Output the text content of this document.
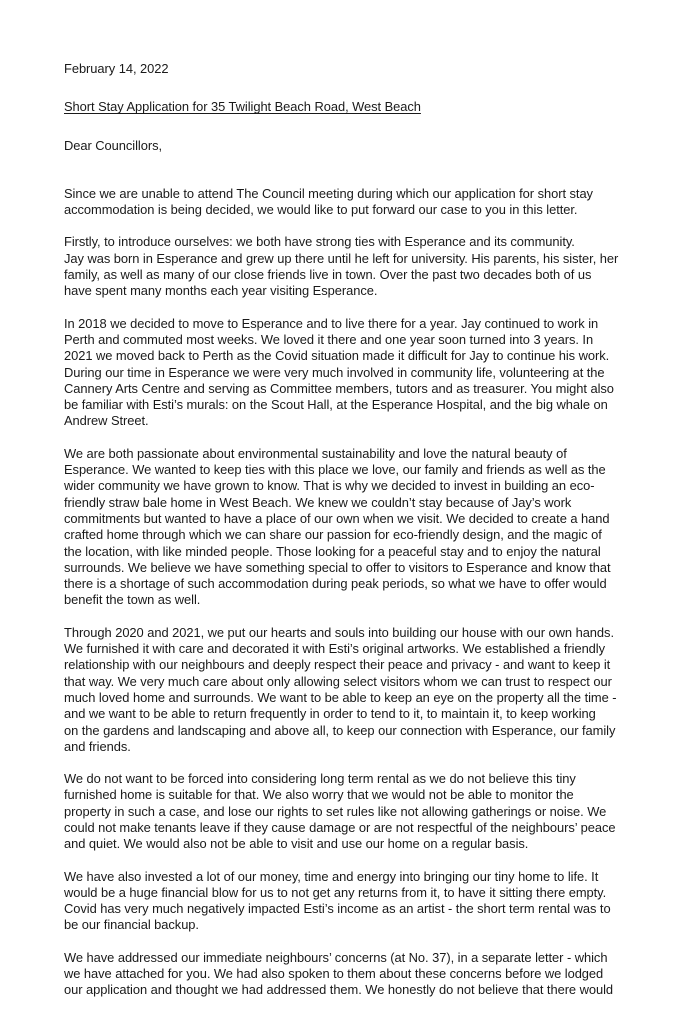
February 14, 2022

Short Stay Application for 35 Twilight Beach Road, West Beach

Dear Councillors,

Since we are unable to attend The Council meeting during which our application for short stay
accommodation is being decided, we would like to put forward our case to you in this letter.

Firstly, to introduce ourselves: we both have strong ties with Esperance and its community.
Jay was born in Esperance and grew up there until he left for university. His parents, his sister, her
family, as well as many of our close friends live in town. Over the past two decades both of us
have spent many months each year visiting Esperance.

In 2018 we decided to move to Esperance and to live there for a year. Jay continued to work in
Perth and commuted most weeks. We loved it there and one year soon turned into 3 years. In
2021 we moved back to Perth as the Covid situation made it difficult for Jay to continue his work.
During our time in Esperance we were very much involved in community life, volunteering at the
Cannery Arts Centre and serving as Committee members, tutors and as treasurer. You might also
be familiar with Esti’s murals: on the Scout Hall, at the Esperance Hospital, and the big whale on
Andrew Street.

We are both passionate about environmental sustainability and love the natural beauty of
Esperance. We wanted to keep ties with this place we love, our family and friends as well as the
wider community we have grown to know. That is why we decided to invest in building an eco-
friendly straw bale home in West Beach. We knew we couldn’t stay because of Jay’s work
commitments but wanted to have a place of our own when we visit. We decided to create a hand
crafted home through which we can share our passion for eco-friendly design, and the magic of
the location, with like minded people. Those looking for a peaceful stay and to enjoy the natural
surrounds. We believe we have something special to offer to visitors to Esperance and know that
there is a shortage of such accommodation during peak periods, so what we have to offer would
benefit the town as well.

Through 2020 and 2021, we put our hearts and souls into building our house with our own hands.
We furnished it with care and decorated it with Esti’s original artworks. We established a friendly
relationship with our neighbours and deeply respect their peace and privacy - and want to keep it
that way. We very much care about only allowing select visitors whom we can trust to respect our
much loved home and surrounds. We want to be able to keep an eye on the property all the time -
and we want to be able to return frequently in order to tend to it, to maintain it, to keep working
on the gardens and landscaping and above all, to keep our connection with Esperance, our family
and friends.

We do not want to be forced into considering long term rental as we do not believe this tiny
furnished home is suitable for that. We also worry that we would not be able to monitor the
property in such a case, and lose our rights to set rules like not allowing gatherings or noise. We
could not make tenants leave if they cause damage or are not respectful of the neighbours’ peace
and quiet. We would also not be able to visit and use our home on a regular basis.

We have also invested a lot of our money, time and energy into bringing our tiny home to life. It
would be a huge financial blow for us to not get any returns from it, to have it sitting there empty.
Covid has very much negatively impacted Esti’s income as an artist - the short term rental was to
be our financial backup.

We have addressed our immediate neighbours’ concerns (at No. 37), in a separate letter - which
we have attached for you. We had also spoken to them about these concerns before we lodged
our application and thought we had addressed them. We honestly do not believe that there would
